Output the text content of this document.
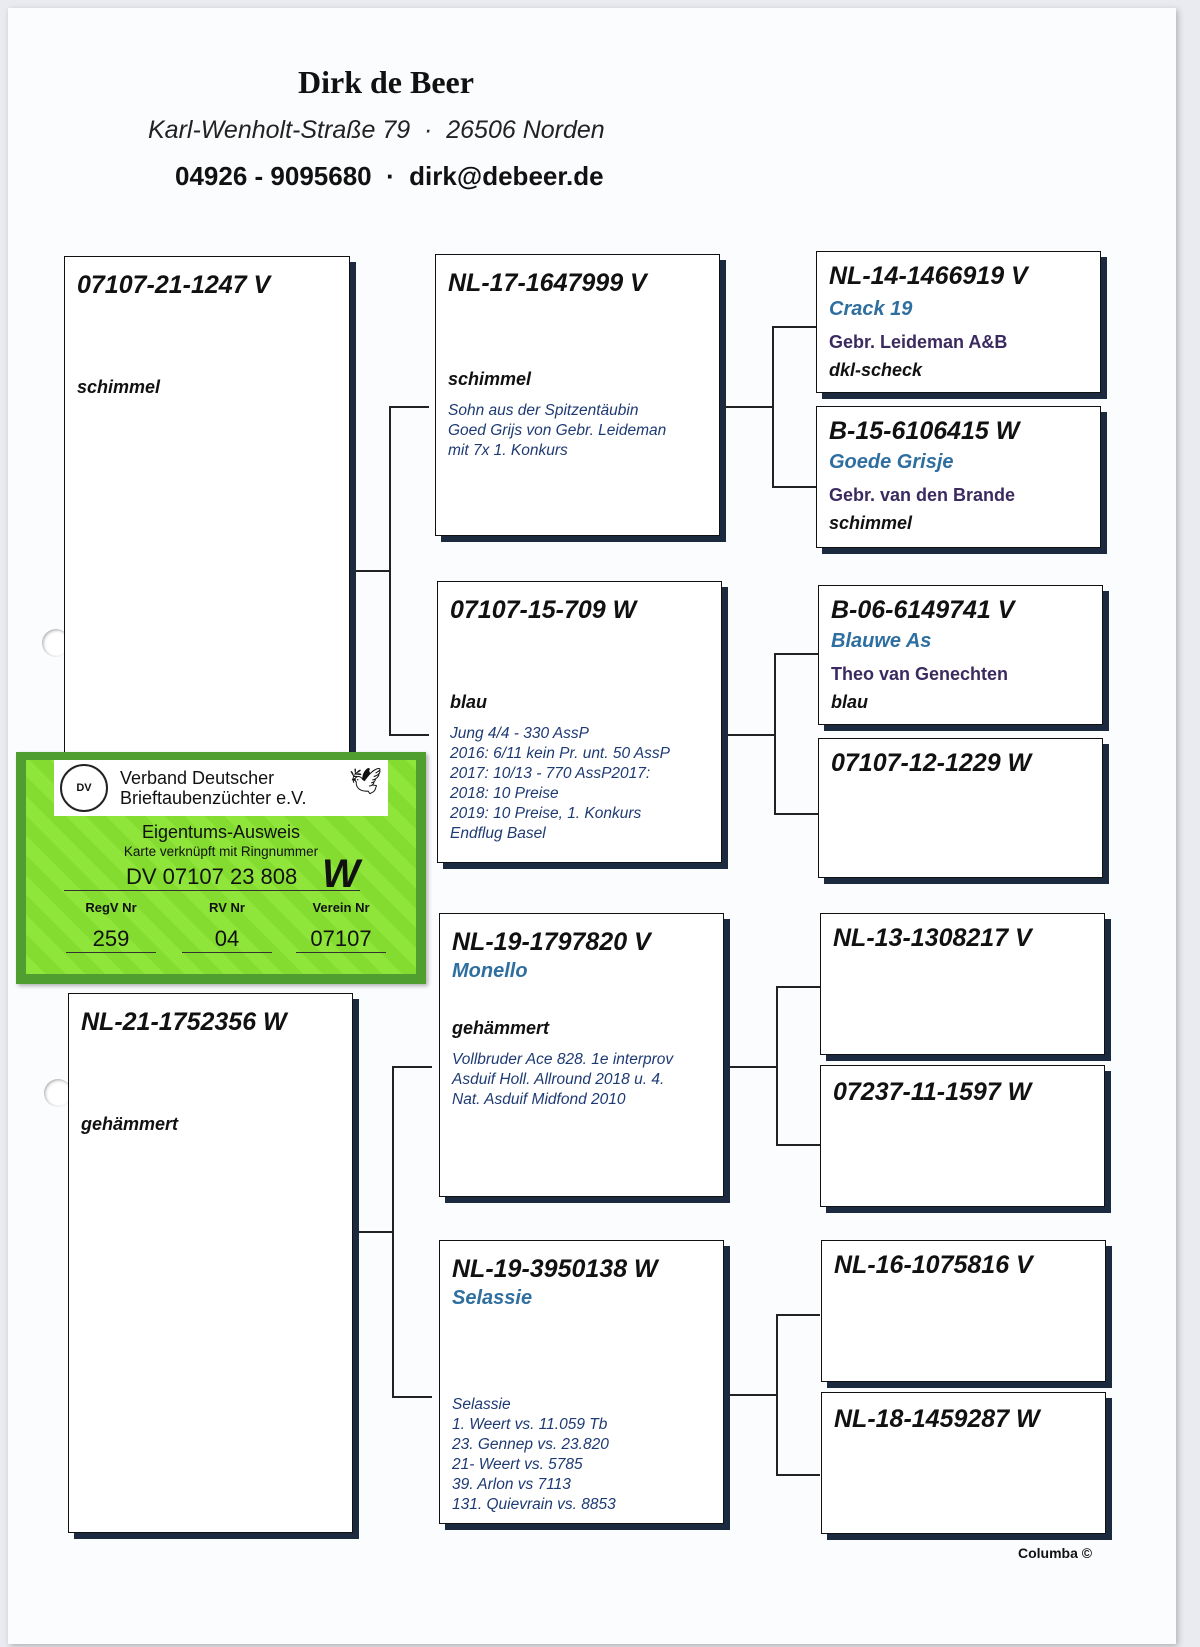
Dirk de Beer
Karl-Wenholt-Straße 79  ·  26506 Norden
04926 - 9095680  ·  dirk@debeer.de
07107-21-1247 V
schimmel
NL-21-1752356 W
gehämmert
NL-17-1647999 V
schimmel
Sohn aus der Spitzentäubin
Goed Grijs von Gebr. Leideman
mit 7x 1. Konkurs
07107-15-709 W
blau
Jung 4/4 - 330 AssP
2016: 6/11 kein Pr. unt. 50 AssP
2017: 10/13 - 770 AssP2017:
2018: 10 Preise
2019: 10 Preise, 1. Konkurs
Endflug Basel
NL-19-1797820 V
Monello
gehämmert
Vollbruder Ace 828. 1e interprov
Asduif Holl. Allround 2018 u. 4.
Nat. Asduif Midfond 2010
NL-19-3950138 W
Selassie
Selassie
1. Weert vs. 11.059 Tb
23. Gennep vs. 23.820
21- Weert vs. 5785
39. Arlon vs 7113
131. Quievrain vs. 8853
NL-14-1466919 V
Crack 19
Gebr. Leideman A&B
dkl-scheck
B-15-6106415 W
Goede Grisje
Gebr. van den Brande
schimmel
B-06-6149741 V
Blauwe As
Theo van Genechten
blau
07107-12-1229 W
NL-13-1308217 V
07237-11-1597 W
NL-16-1075816 V
NL-18-1459287 W
Columba ©
DV	Verband Deutscher
Brieftaubenzüchter e.V.
🕊
Eigentums-Ausweis
Karte verknüpft mit Ringnummer
DV 07107 23 808 W
RegV Nr	RV Nr	Verein Nr
259	04	07107
